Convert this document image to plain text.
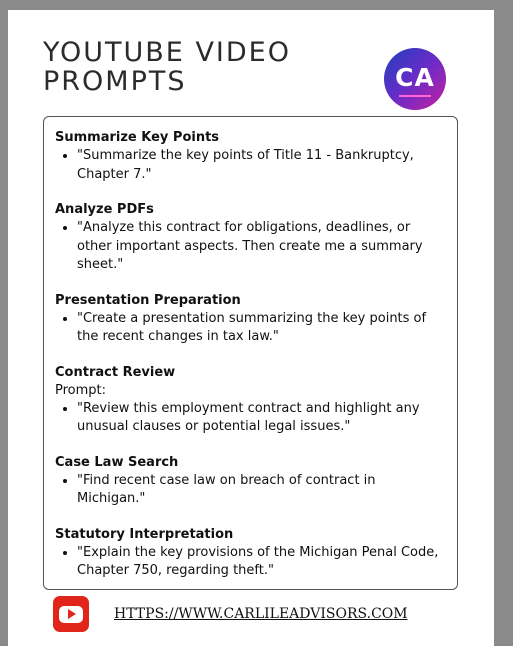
YOUTUBE VIDEO
PROMPTS	CA
Summarize Key Points
• "Summarize the key points of Title 11 - Bankruptcy, Chapter 7."
Analyze PDFs
• "Analyze this contract for obligations, deadlines, or other important aspects. Then create me a summary sheet."
Presentation Preparation
• "Create a presentation summarizing the key points of the recent changes in tax law."
Contract Review
Prompt:
• "Review this employment contract and highlight any unusual clauses or potential legal issues."
Case Law Search
• "Find recent case law on breach of contract in Michigan."
Statutory Interpretation
• "Explain the key provisions of the Michigan Penal Code, Chapter 750, regarding theft."
HTTPS://WWW.CARLILEADVISORS.COM
